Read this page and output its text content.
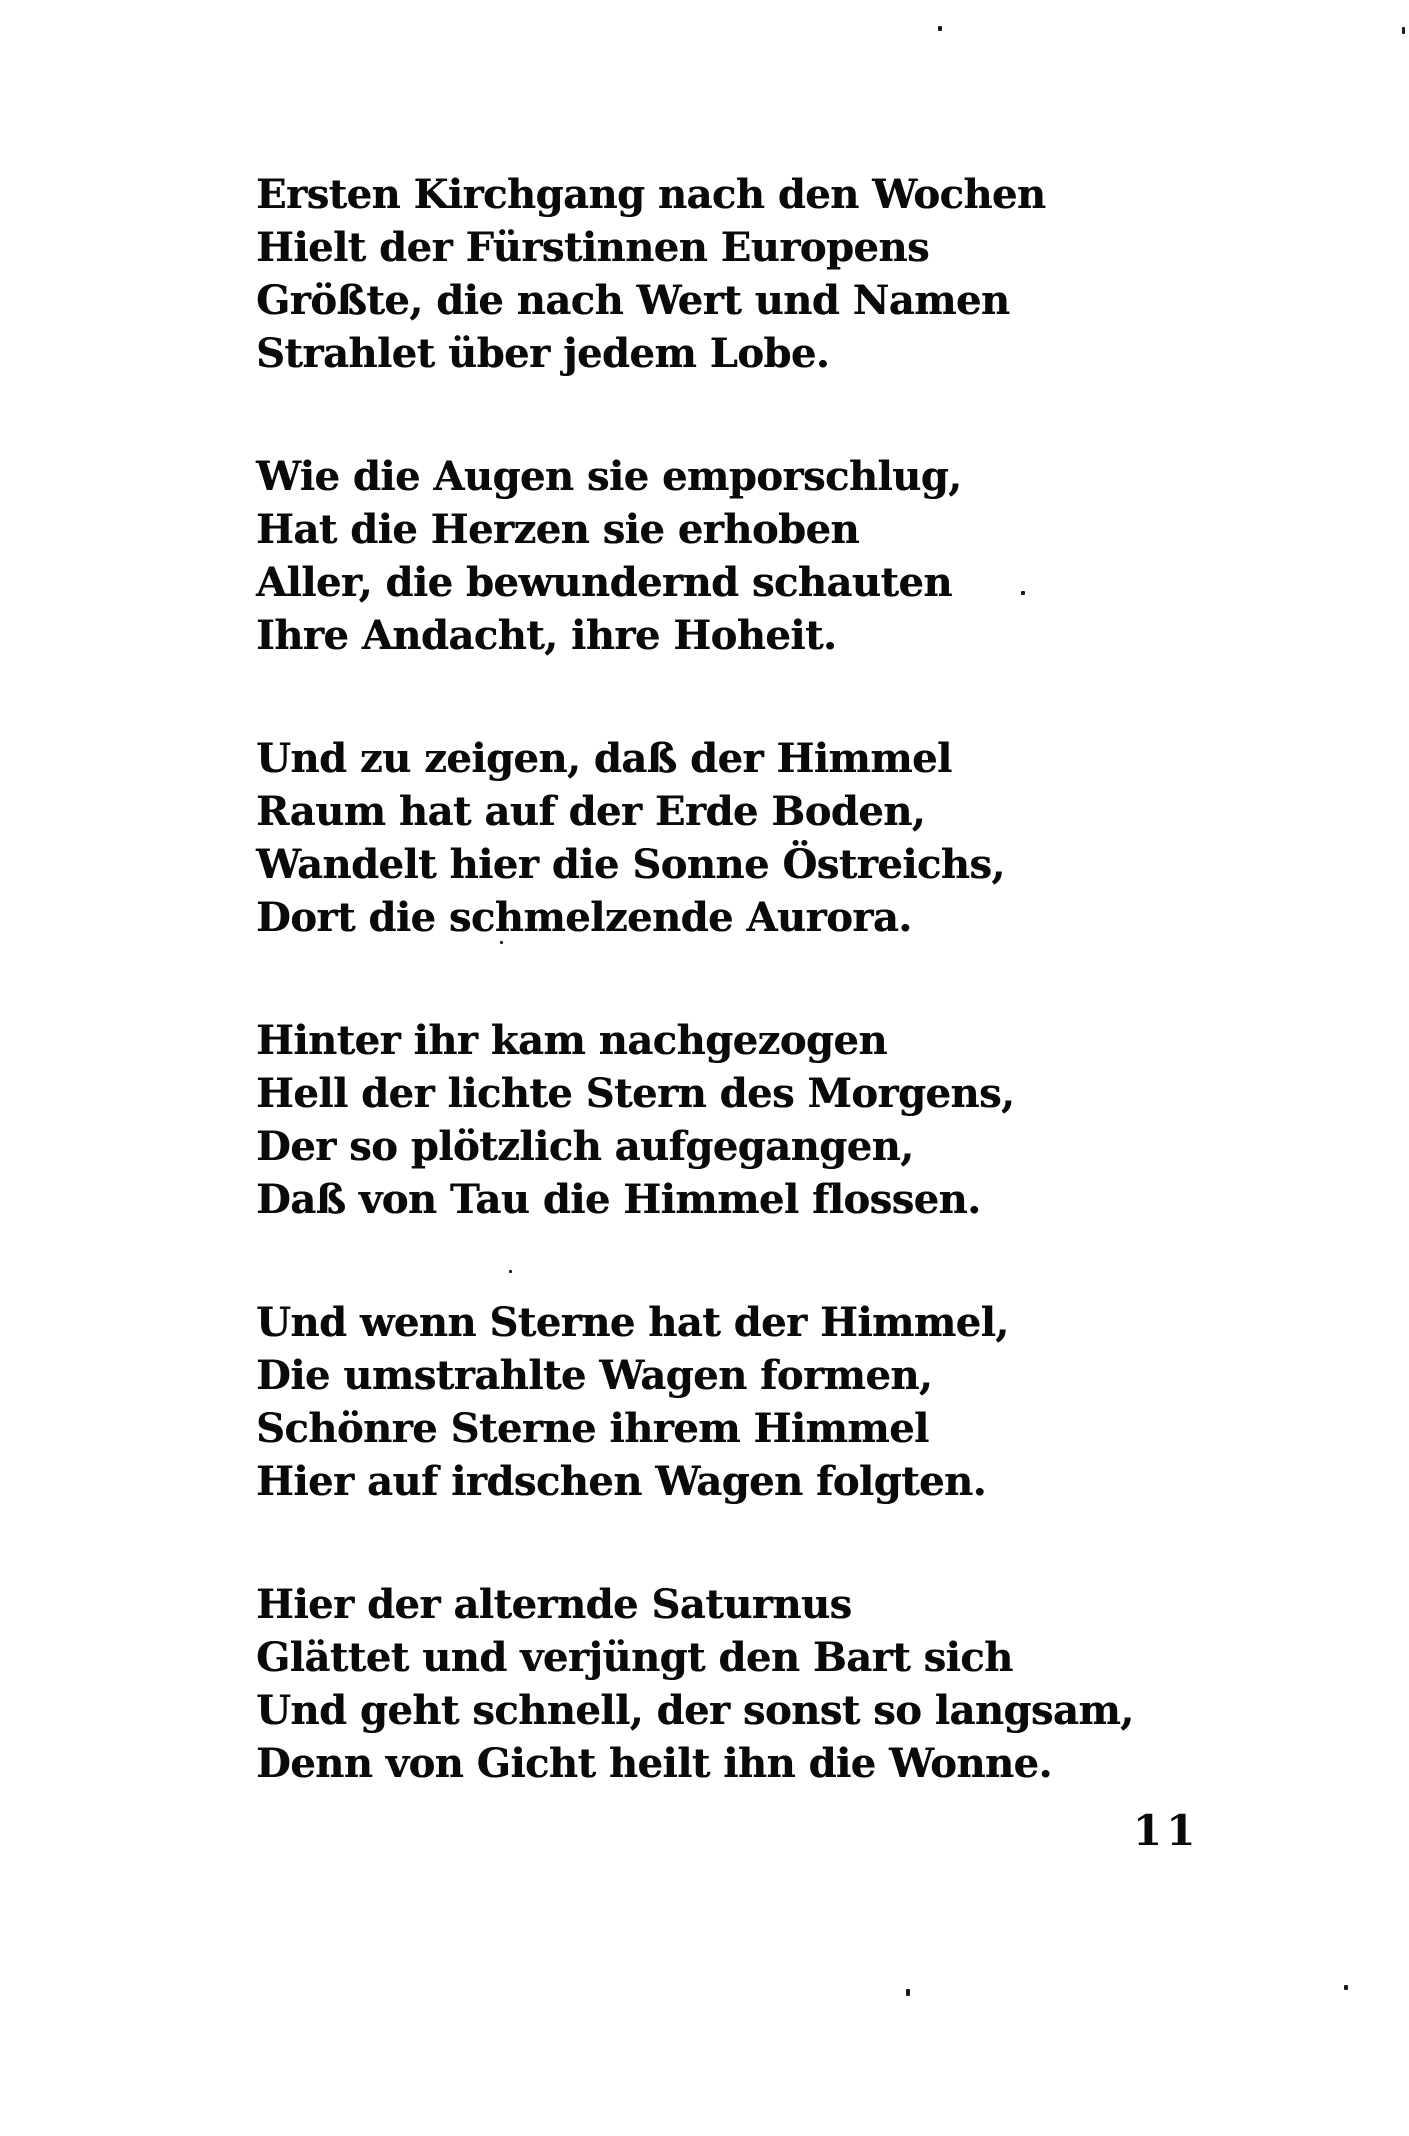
Ersten Kirchgang nach den Wochen
Hielt der Fürstinnen Europens
Größte, die nach Wert und Namen
Strahlet über jedem Lobe.
Wie die Augen sie emporschlug,
Hat die Herzen sie erhoben
Aller, die bewundernd schauten
Ihre Andacht, ihre Hoheit.
Und zu zeigen, daß der Himmel
Raum hat auf der Erde Boden,
Wandelt hier die Sonne Östreichs,
Dort die schmelzende Aurora.
Hinter ihr kam nachgezogen
Hell der lichte Stern des Morgens,
Der so plötzlich aufgegangen,
Daß von Tau die Himmel flossen.
Und wenn Sterne hat der Himmel,
Die umstrahlte Wagen formen,
Schönre Sterne ihrem Himmel
Hier auf irdschen Wagen folgten.
Hier der alternde Saturnus
Glättet und verjüngt den Bart sich
Und geht schnell, der sonst so langsam,
Denn von Gicht heilt ihn die Wonne.
11
